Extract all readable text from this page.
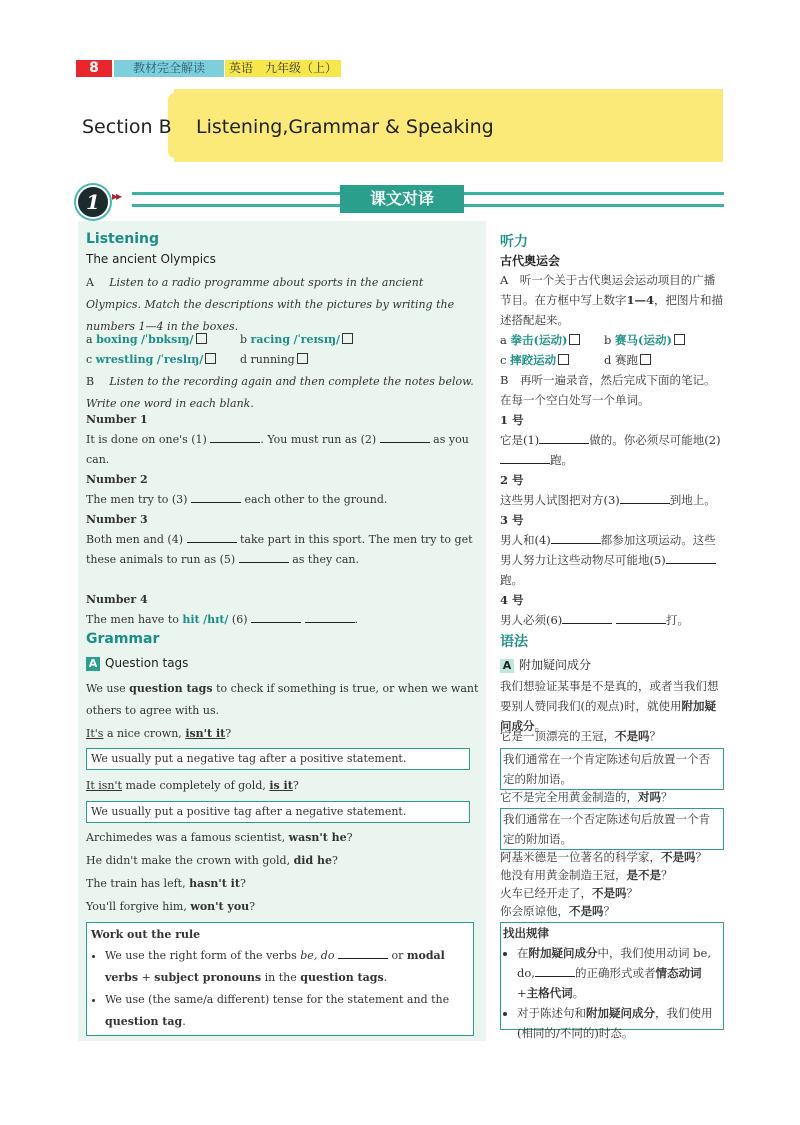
8	教材完全解读	英语　九年级（上）
Section B Listening,Grammar & Speaking
1	▸▸	课文对译
Listening
The ancient Olympics
A Listen to a radio programme about sports in the ancient Olympics. Match the descriptions with the pictures by writing the numbers 1—4 in the boxes.
a boxing /ˈbɒksɪŋ/	b racing /ˈreɪsɪŋ/
c wrestling /ˈreslɪŋ/	d running
B Listen to the recording again and then complete the notes below. Write one word in each blank.
Number 1
It is done on one's (1)	. You must run as (2)	as you can.
Number 2
The men try to (3)	each other to the ground.
Number 3
Both men and (4)	take part in this sport. The men try to get these animals to run as (5)	as they can.
Number 4
The men have to hit /hɪt/ (6)	.
Grammar
A Question tags
We use question tags to check if something is true, or when we want others to agree with us.
It's a nice crown, isn't it?
We usually put a negative tag after a positive statement.
It isn't made completely of gold, is it?
We usually put a positive tag after a negative statement.
Archimedes was a famous scientist, wasn't he?
He didn't make the crown with gold, did he?
The train has left, hasn't it?
You'll forgive him, won't you?
Work out the rule
• We use the right form of the verbs be, do	or modal verbs + subject pronouns in the question tags.
• We use (the same/a different) tense for the statement and the question tag.
听力
古代奥运会
A　听一个关于古代奥运会运动项目的广播节目。在方框中写上数字1—4，把图片和描述搭配起来。
a 拳击(运动)	b 赛马(运动)
c 摔跤运动	d 赛跑
B　再听一遍录音，然后完成下面的笔记。在每一个空白处写一个单词。
1 号
它是(1)	做的。你必须尽可能地(2)跑。
2 号
这些男人试图把对方(3)	到地上。
3 号
男人和(4)	都参加这项运动。这些男人努力让这些动物尽可能地(5)跑。
4 号
男人必须(6)	打。
语法
A 附加疑问成分
我们想验证某事是不是真的，或者当我们想要别人赞同我们(的观点)时，就使用附加疑问成分。
它是一顶漂亮的王冠，不是吗？
我们通常在一个肯定陈述句后放置一个否定的附加语。
它不是完全用黄金制造的，对吗？
我们通常在一个否定陈述句后放置一个肯定的附加语。
阿基米德是一位著名的科学家，不是吗？
他没有用黄金制造王冠，是不是？
火车已经开走了，不是吗？
你会原谅他，不是吗？
找出规律
• 在附加疑问成分中，我们使用动词 be, do,	的正确形式或者情态动词+主格代词。
• 对于陈述句和附加疑问成分，我们使用(相同的/不同的)时态。
